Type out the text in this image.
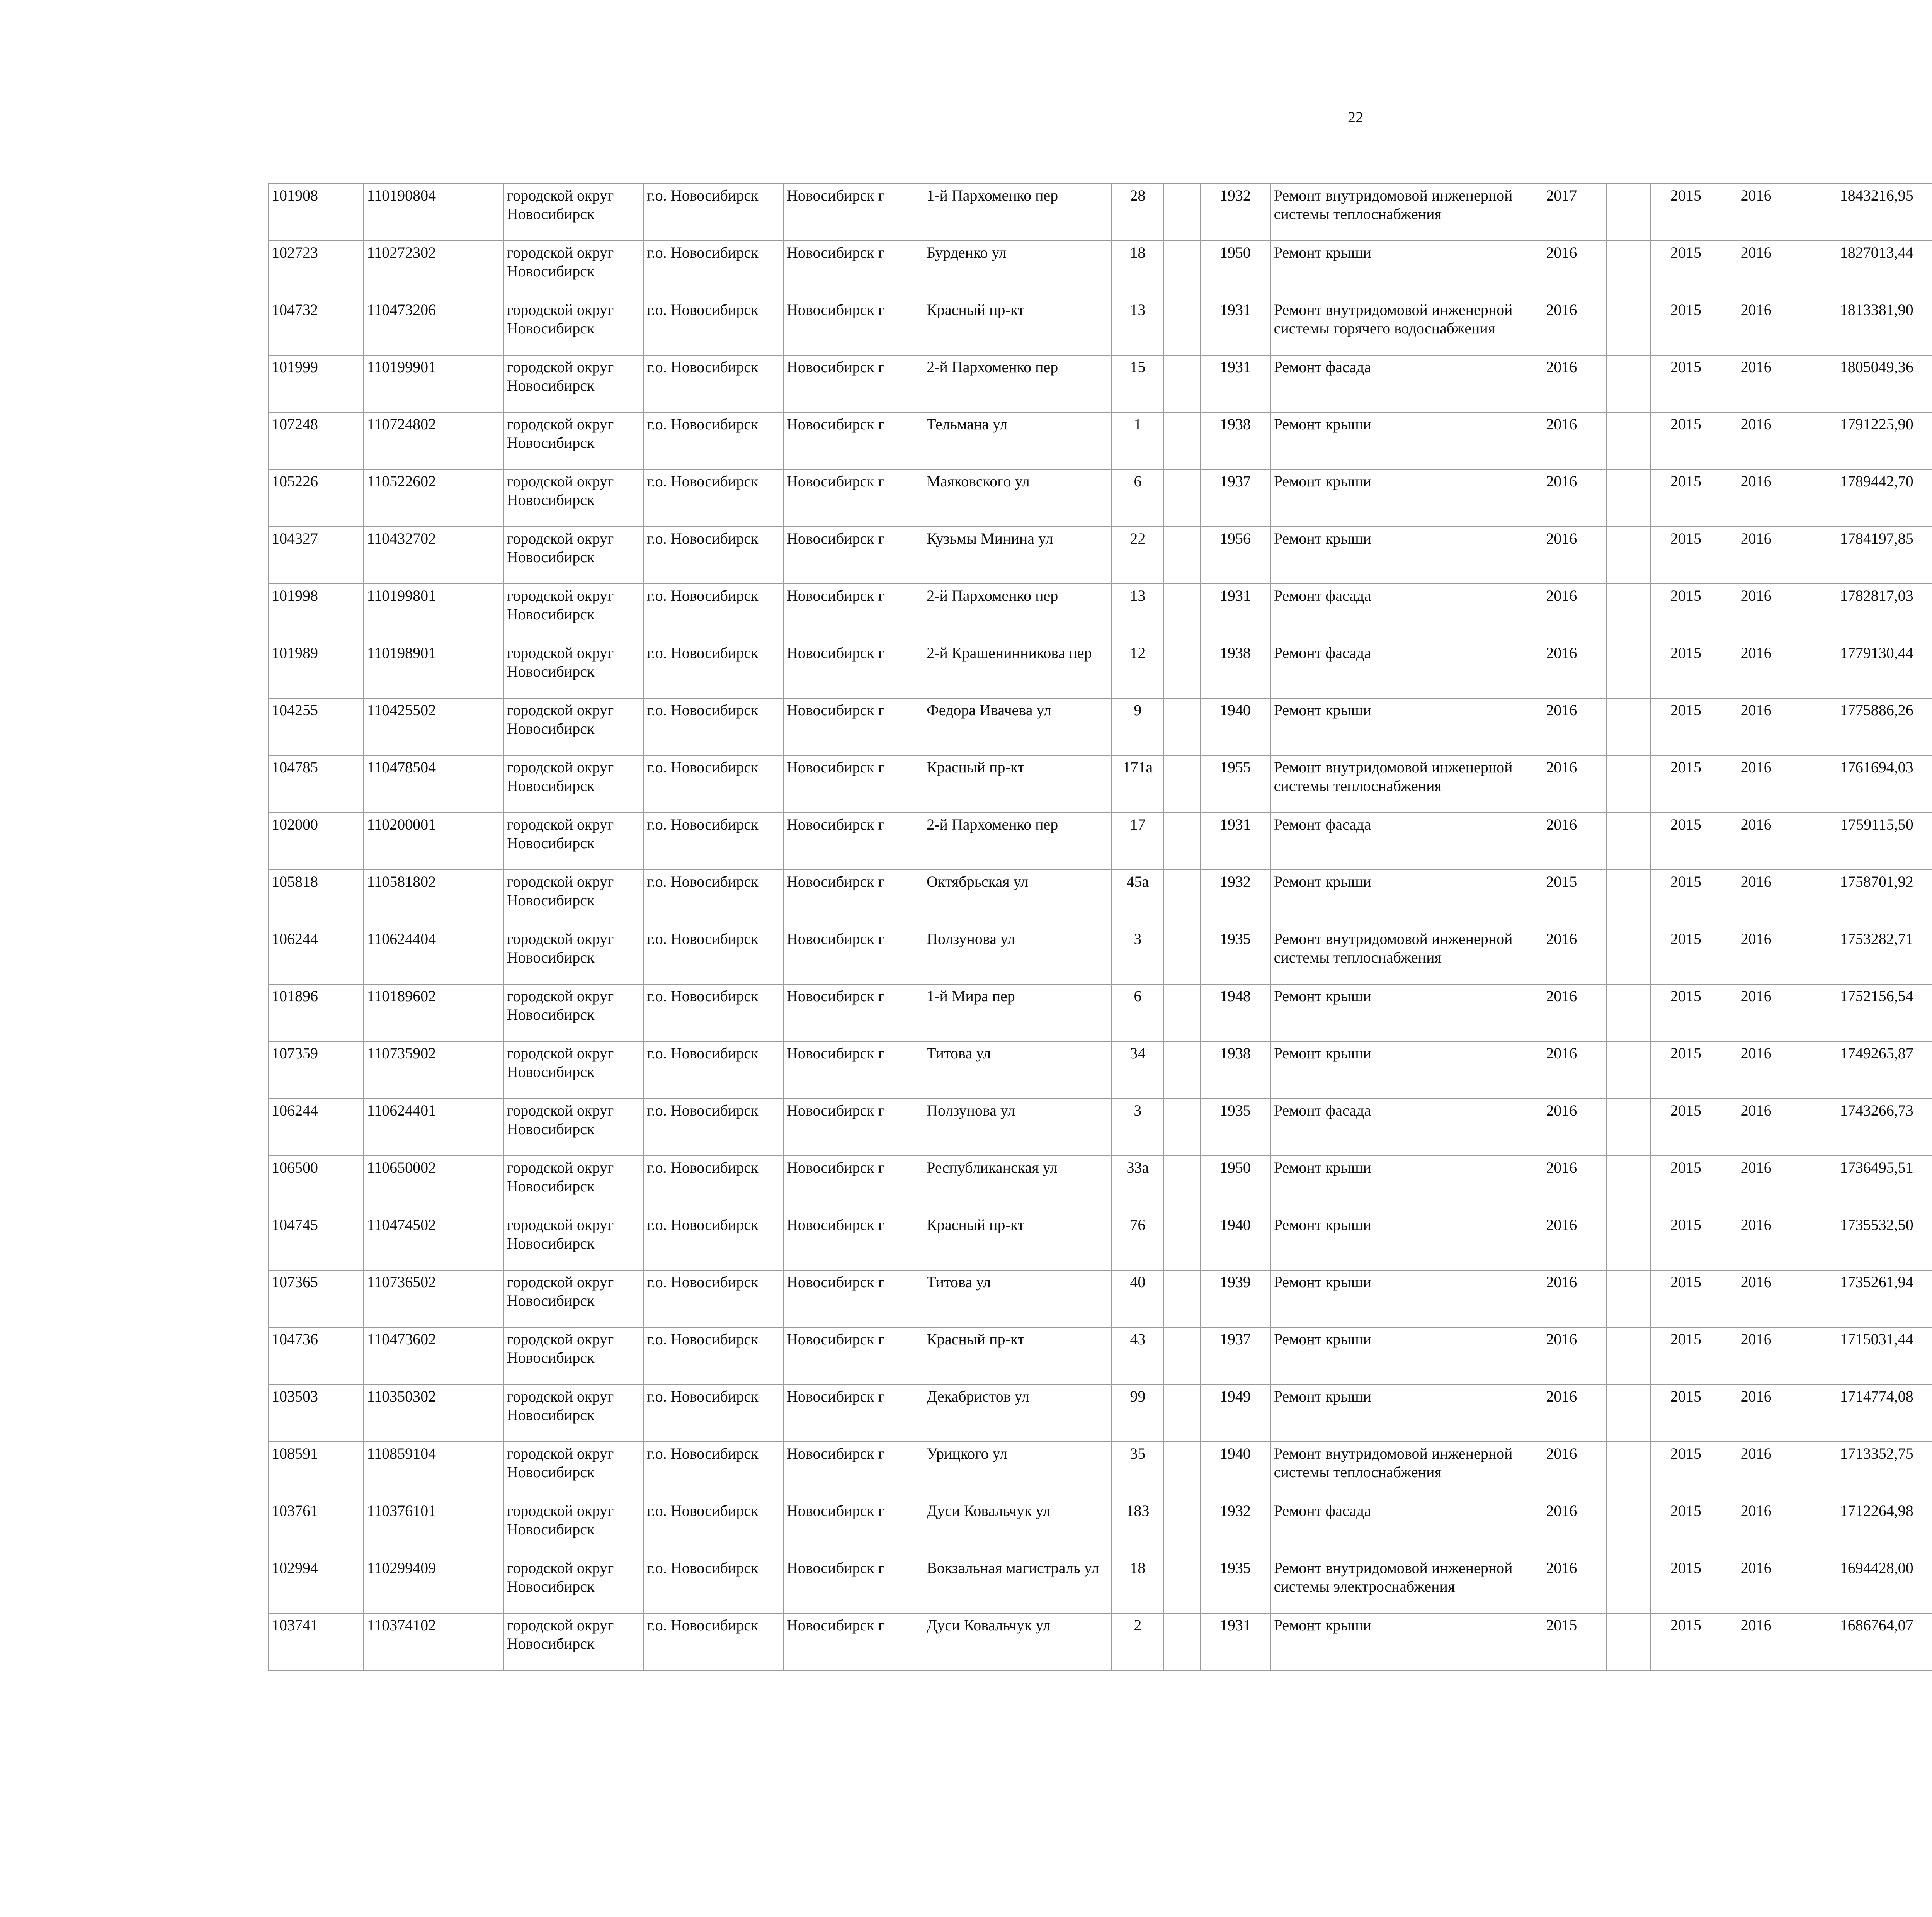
22
101908	110190804	городской округ Новосибирск	г.о. Новосибирск	Новосибирск г	1-й Пархоменко пер	28		1932	Ремонт внутридомовой инженерной системы теплоснабжения	2017		2015	2016	1843216,95						
102723	110272302	городской округ Новосибирск	г.о. Новосибирск	Новосибирск г	Бурденко ул	18		1950	Ремонт крыши	2016		2015	2016	1827013,44						
104732	110473206	городской округ Новосибирск	г.о. Новосибирск	Новосибирск г	Красный пр-кт	13		1931	Ремонт внутридомовой инженерной системы горячего водоснабжения	2016		2015	2016	1813381,90						
101999	110199901	городской округ Новосибирск	г.о. Новосибирск	Новосибирск г	2-й Пархоменко пер	15		1931	Ремонт фасада	2016		2015	2016	1805049,36						
107248	110724802	городской округ Новосибирск	г.о. Новосибирск	Новосибирск г	Тельмана ул	1		1938	Ремонт крыши	2016		2015	2016	1791225,90						
105226	110522602	городской округ Новосибирск	г.о. Новосибирск	Новосибирск г	Маяковского ул	6		1937	Ремонт крыши	2016		2015	2016	1789442,70						
104327	110432702	городской округ Новосибирск	г.о. Новосибирск	Новосибирск г	Кузьмы Минина ул	22		1956	Ремонт крыши	2016		2015	2016	1784197,85						
101998	110199801	городской округ Новосибирск	г.о. Новосибирск	Новосибирск г	2-й Пархоменко пер	13		1931	Ремонт фасада	2016		2015	2016	1782817,03						
101989	110198901	городской округ Новосибирск	г.о. Новосибирск	Новосибирск г	2-й Крашенинникова пер	12		1938	Ремонт фасада	2016		2015	2016	1779130,44						
104255	110425502	городской округ Новосибирск	г.о. Новосибирск	Новосибирск г	Федора Ивачева ул	9		1940	Ремонт крыши	2016		2015	2016	1775886,26						
104785	110478504	городской округ Новосибирск	г.о. Новосибирск	Новосибирск г	Красный пр-кт	171а		1955	Ремонт внутридомовой инженерной системы теплоснабжения	2016		2015	2016	1761694,03						
102000	110200001	городской округ Новосибирск	г.о. Новосибирск	Новосибирск г	2-й Пархоменко пер	17		1931	Ремонт фасада	2016		2015	2016	1759115,50						
105818	110581802	городской округ Новосибирск	г.о. Новосибирск	Новосибирск г	Октябрьская ул	45а		1932	Ремонт крыши	2015		2015	2016	1758701,92						
106244	110624404	городской округ Новосибирск	г.о. Новосибирск	Новосибирск г	Ползунова ул	3		1935	Ремонт внутридомовой инженерной системы теплоснабжения	2016		2015	2016	1753282,71						
101896	110189602	городской округ Новосибирск	г.о. Новосибирск	Новосибирск г	1-й Мира пер	6		1948	Ремонт крыши	2016		2015	2016	1752156,54						
107359	110735902	городской округ Новосибирск	г.о. Новосибирск	Новосибирск г	Титова ул	34		1938	Ремонт крыши	2016		2015	2016	1749265,87						
106244	110624401	городской округ Новосибирск	г.о. Новосибирск	Новосибирск г	Ползунова ул	3		1935	Ремонт фасада	2016		2015	2016	1743266,73						
106500	110650002	городской округ Новосибирск	г.о. Новосибирск	Новосибирск г	Республиканская ул	33а		1950	Ремонт крыши	2016		2015	2016	1736495,51						
104745	110474502	городской округ Новосибирск	г.о. Новосибирск	Новосибирск г	Красный пр-кт	76		1940	Ремонт крыши	2016		2015	2016	1735532,50						
107365	110736502	городской округ Новосибирск	г.о. Новосибирск	Новосибирск г	Титова ул	40		1939	Ремонт крыши	2016		2015	2016	1735261,94						
104736	110473602	городской округ Новосибирск	г.о. Новосибирск	Новосибирск г	Красный пр-кт	43		1937	Ремонт крыши	2016		2015	2016	1715031,44						
103503	110350302	городской округ Новосибирск	г.о. Новосибирск	Новосибирск г	Декабристов ул	99		1949	Ремонт крыши	2016		2015	2016	1714774,08						
108591	110859104	городской округ Новосибирск	г.о. Новосибирск	Новосибирск г	Урицкого ул	35		1940	Ремонт внутридомовой инженерной системы теплоснабжения	2016		2015	2016	1713352,75						
103761	110376101	городской округ Новосибирск	г.о. Новосибирск	Новосибирск г	Дуси Ковальчук ул	183		1932	Ремонт фасада	2016		2015	2016	1712264,98						
102994	110299409	городской округ Новосибирск	г.о. Новосибирск	Новосибирск г	Вокзальная магистраль ул	18		1935	Ремонт внутридомовой инженерной системы электроснабжения	2016		2015	2016	1694428,00						
103741	110374102	городской округ Новосибирск	г.о. Новосибирск	Новосибирск г	Дуси Ковальчук ул	2		1931	Ремонт крыши	2015		2015	2016	1686764,07						
